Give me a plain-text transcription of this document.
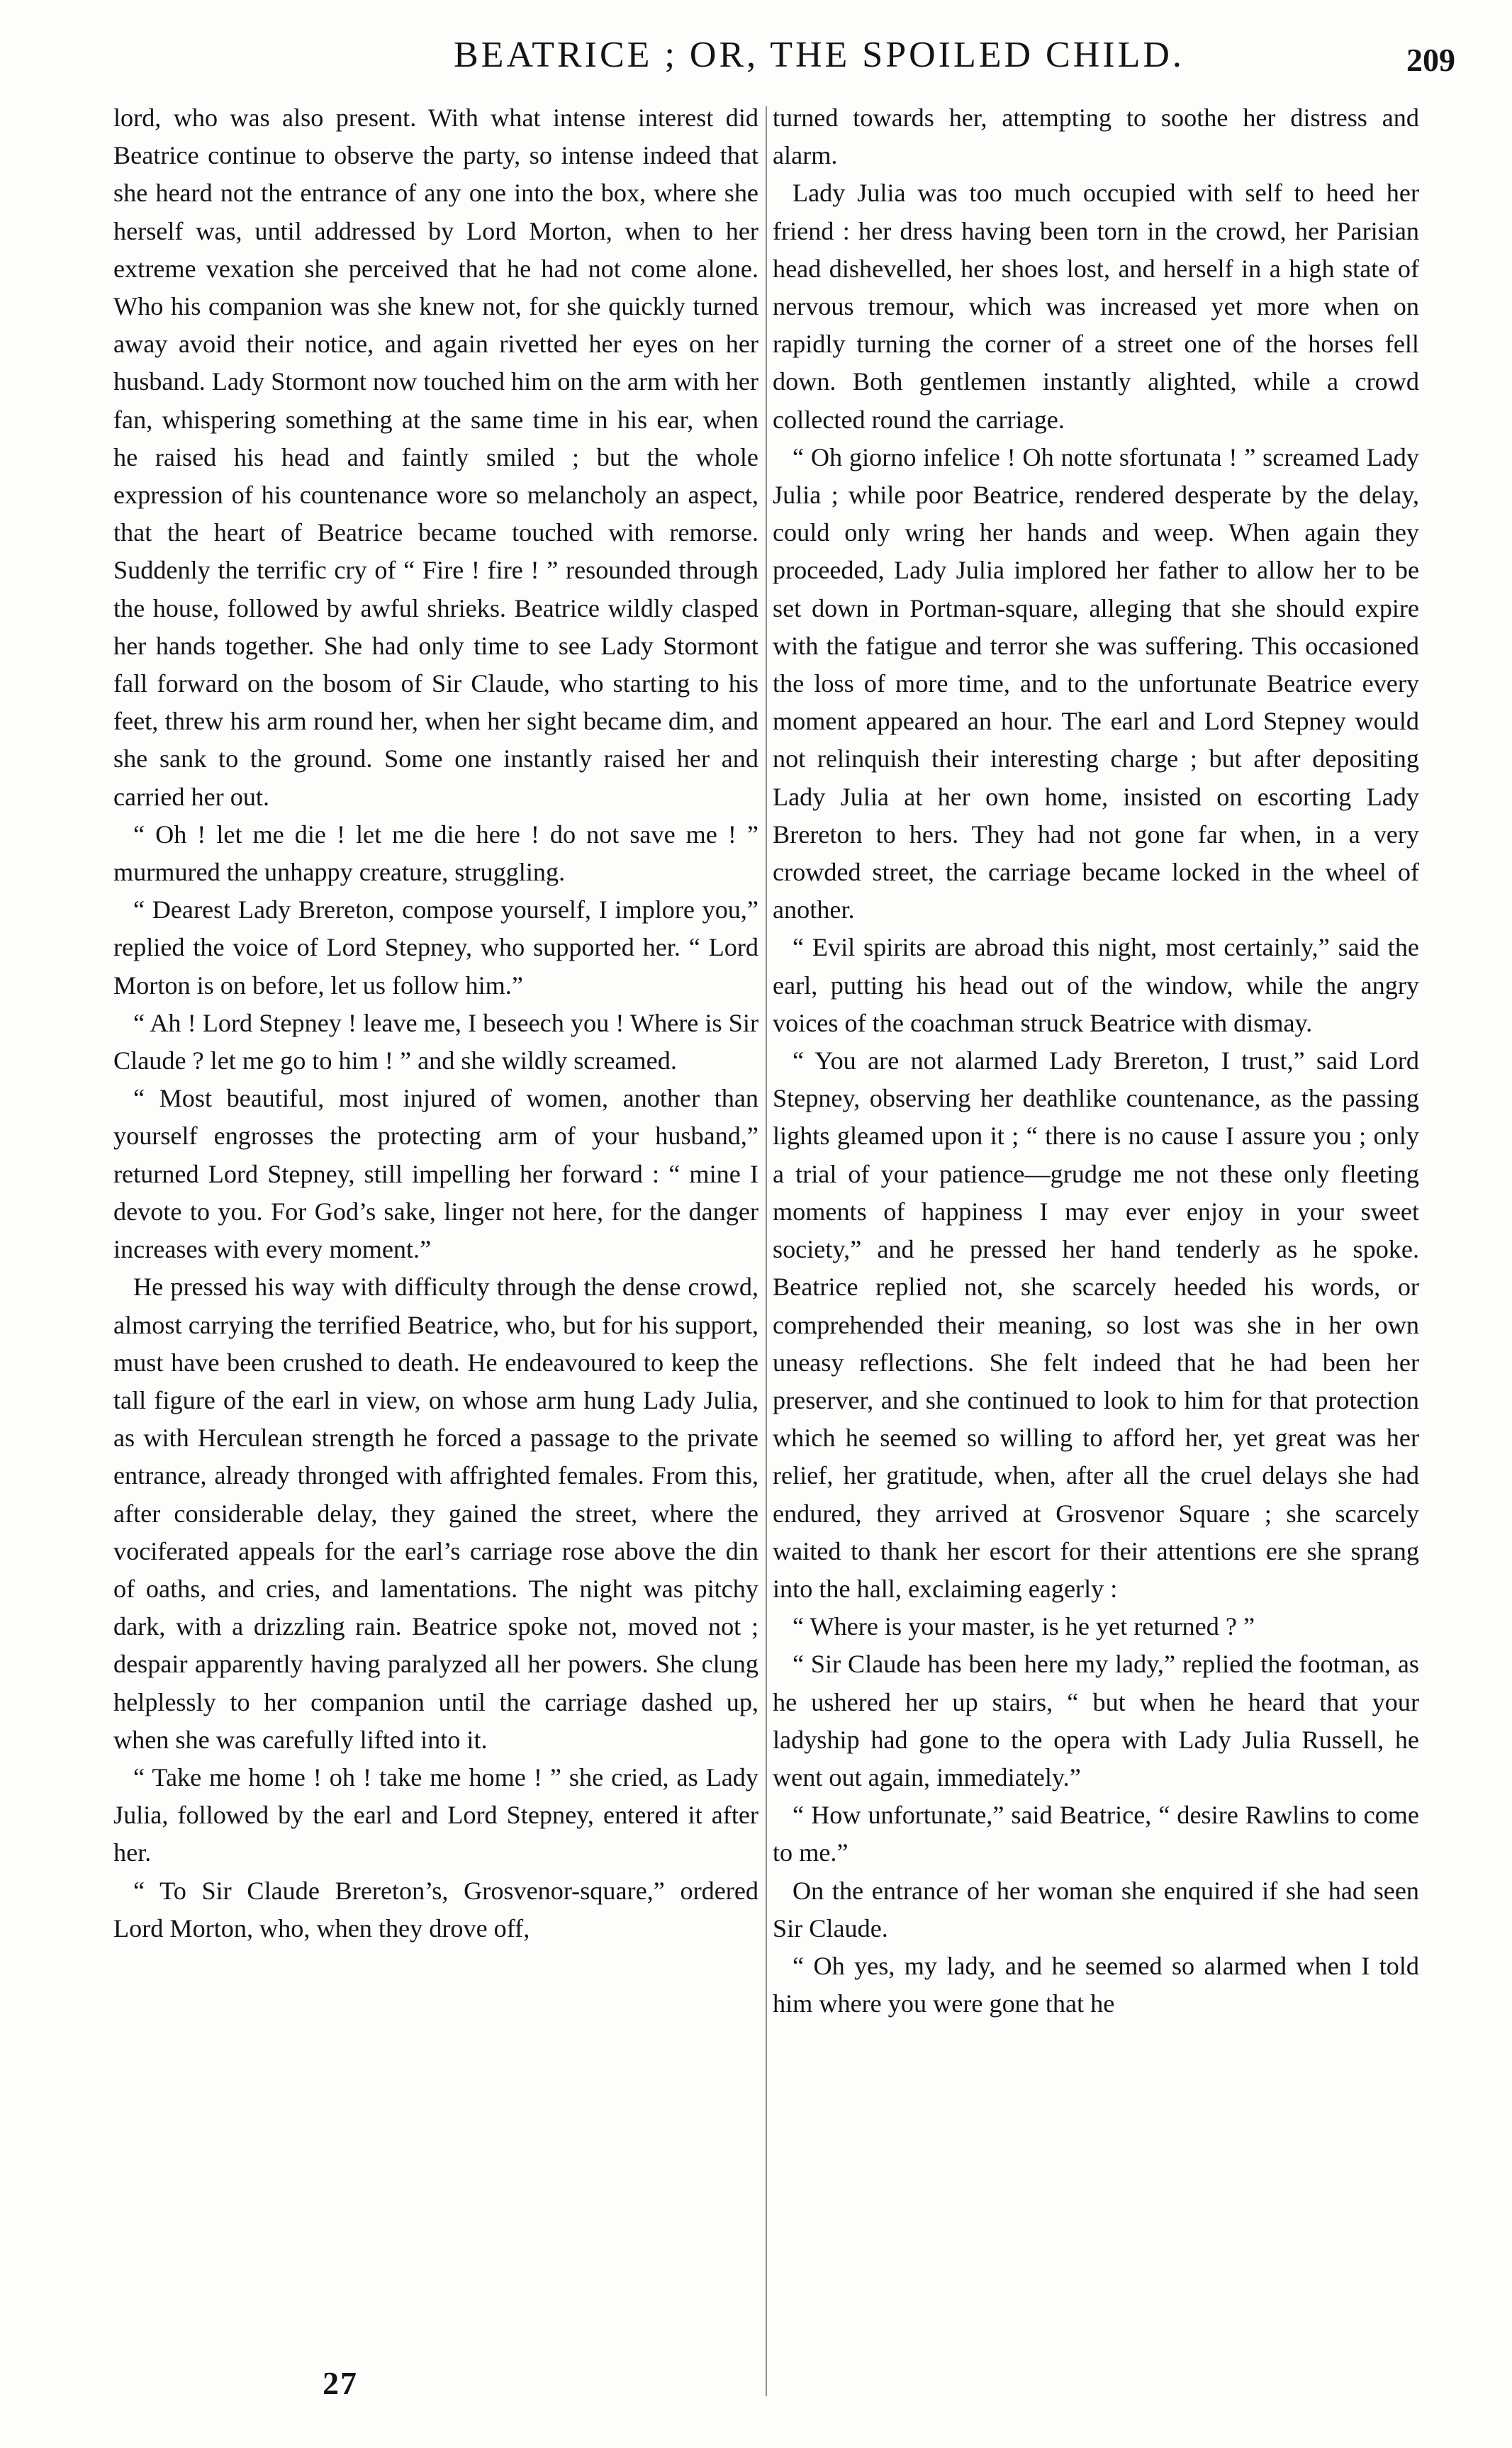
BEATRICE ; OR, THE SPOILED CHILD.	209

lord, who was also present. With what intense interest did Beatrice continue to observe the party, so intense indeed that she heard not the entrance of any one into the box, where she herself was, until addressed by Lord Morton, when to her extreme vexation she perceived that he had not come alone. Who his companion was she knew not, for she quickly turned away avoid their notice, and again rivetted her eyes on her husband. Lady Stormont now touched him on the arm with her fan, whispering something at the same time in his ear, when he raised his head and faintly smiled ; but the whole expression of his countenance wore so melancholy an aspect, that the heart of Beatrice became touched with remorse. Suddenly the terrific cry of “ Fire ! fire ! ” resounded through the house, followed by awful shrieks. Beatrice wildly clasped her hands together. She had only time to see Lady Stormont fall forward on the bosom of Sir Claude, who starting to his feet, threw his arm round her, when her sight became dim, and she sank to the ground. Some one instantly raised her and carried her out.

“ Oh ! let me die ! let me die here ! do not save me ! ” murmured the unhappy creature, struggling.

“ Dearest Lady Brereton, compose yourself, I implore you,” replied the voice of Lord Stepney, who supported her. “ Lord Morton is on before, let us follow him.”

“ Ah ! Lord Stepney ! leave me, I beseech you ! Where is Sir Claude ? let me go to him ! ” and she wildly screamed.

“ Most beautiful, most injured of women, another than yourself engrosses the protecting arm of your husband,” returned Lord Stepney, still impelling her forward : “ mine I devote to you. For God’s sake, linger not here, for the danger increases with every moment.”

He pressed his way with difficulty through the dense crowd, almost carrying the terrified Beatrice, who, but for his support, must have been crushed to death. He endeavoured to keep the tall figure of the earl in view, on whose arm hung Lady Julia, as with Herculean strength he forced a passage to the private entrance, already thronged with affrighted females. From this, after considerable delay, they gained the street, where the vociferated appeals for the earl’s carriage rose above the din of oaths, and cries, and lamentations. The night was pitchy dark, with a drizzling rain. Beatrice spoke not, moved not ; despair apparently having paralyzed all her powers. She clung helplessly to her companion until the carriage dashed up, when she was carefully lifted into it.

“ Take me home ! oh ! take me home ! ” she cried, as Lady Julia, followed by the earl and Lord Stepney, entered it after her.

“ To Sir Claude Brereton’s, Grosvenor-square,” ordered Lord Morton, who, when they drove off,

turned towards her, attempting to soothe her distress and alarm.

Lady Julia was too much occupied with self to heed her friend : her dress having been torn in the crowd, her Parisian head dishevelled, her shoes lost, and herself in a high state of nervous tremour, which was increased yet more when on rapidly turning the corner of a street one of the horses fell down. Both gentlemen instantly alighted, while a crowd collected round the carriage.

“ Oh giorno infelice ! Oh notte sfortunata ! ” screamed Lady Julia ; while poor Beatrice, rendered desperate by the delay, could only wring her hands and weep. When again they proceeded, Lady Julia implored her father to allow her to be set down in Portman-square, alleging that she should expire with the fatigue and terror she was suffering. This occasioned the loss of more time, and to the unfortunate Beatrice every moment appeared an hour. The earl and Lord Stepney would not relinquish their interesting charge ; but after depositing Lady Julia at her own home, insisted on escorting Lady Brereton to hers. They had not gone far when, in a very crowded street, the carriage became locked in the wheel of another.

“ Evil spirits are abroad this night, most certainly,” said the earl, putting his head out of the window, while the angry voices of the coachman struck Beatrice with dismay.

“ You are not alarmed Lady Brereton, I trust,” said Lord Stepney, observing her deathlike countenance, as the passing lights gleamed upon it ; “ there is no cause I assure you ; only a trial of your patience—grudge me not these only fleeting moments of happiness I may ever enjoy in your sweet society,” and he pressed her hand tenderly as he spoke. Beatrice replied not, she scarcely heeded his words, or comprehended their meaning, so lost was she in her own uneasy reflections. She felt indeed that he had been her preserver, and she continued to look to him for that protection which he seemed so willing to afford her, yet great was her relief, her gratitude, when, after all the cruel delays she had endured, they arrived at Grosvenor Square ; she scarcely waited to thank her escort for their attentions ere she sprang into the hall, exclaiming eagerly :

“ Where is your master, is he yet returned ? ”

“ Sir Claude has been here my lady,” replied the footman, as he ushered her up stairs, “ but when he heard that your ladyship had gone to the opera with Lady Julia Russell, he went out again, immediately.”

“ How unfortunate,” said Beatrice, “ desire Rawlins to come to me.”

On the entrance of her woman she enquired if she had seen Sir Claude.

“ Oh yes, my lady, and he seemed so alarmed when I told him where you were gone that he

27
